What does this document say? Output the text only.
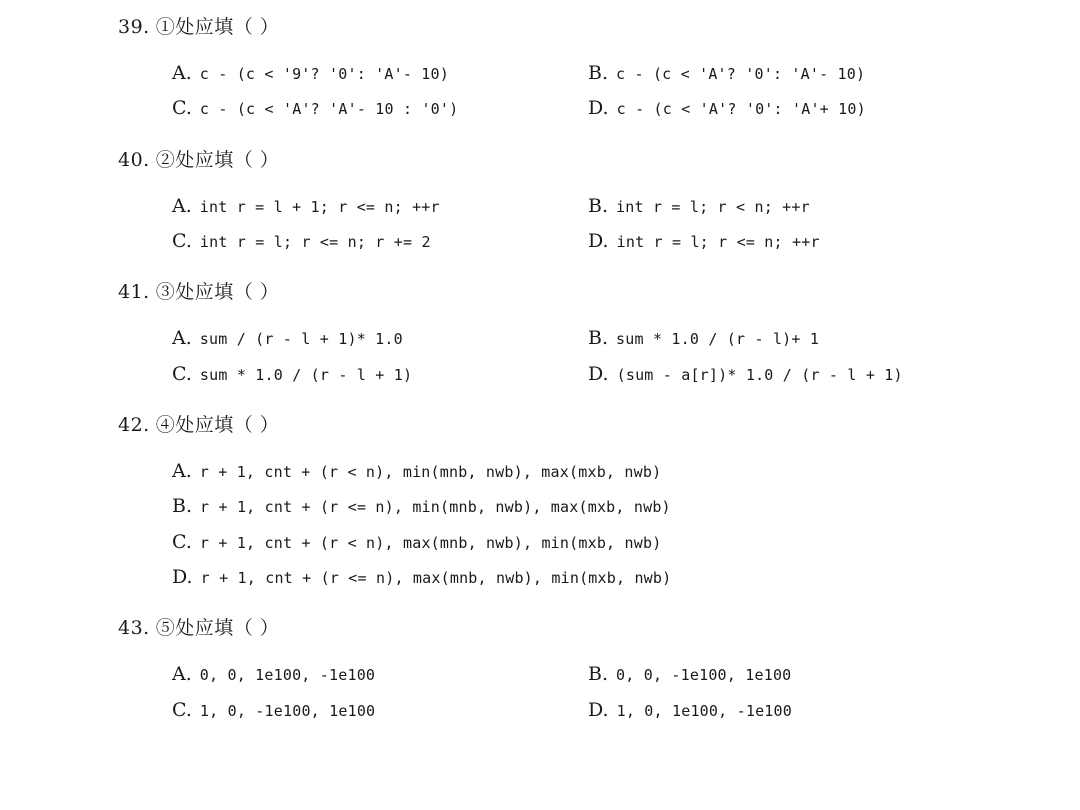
39. ①处应填（ ）
A. c - (c < '9'? '0': 'A'- 10)	B. c - (c < 'A'? '0': 'A'- 10)
C. c - (c < 'A'? 'A'- 10 : '0')	D. c - (c < 'A'? '0': 'A'+ 10)
40. ②处应填（ ）
A. int r = l + 1; r <= n; ++r	B. int r = l; r < n; ++r
C. int r = l; r <= n; r += 2	D. int r = l; r <= n; ++r
41. ③处应填（ ）
A. sum / (r - l + 1)* 1.0	B. sum * 1.0 / (r - l)+ 1
C. sum * 1.0 / (r - l + 1)	D. (sum - a[r])* 1.0 / (r - l + 1)
42. ④处应填（ ）
A. r + 1, cnt + (r < n), min(mnb, nwb), max(mxb, nwb)
B. r + 1, cnt + (r <= n), min(mnb, nwb), max(mxb, nwb)
C. r + 1, cnt + (r < n), max(mnb, nwb), min(mxb, nwb)
D. r + 1, cnt + (r <= n), max(mnb, nwb), min(mxb, nwb)
43. ⑤处应填（ ）
A. 0, 0, 1e100, -1e100	B. 0, 0, -1e100, 1e100
C. 1, 0, -1e100, 1e100	D. 1, 0, 1e100, -1e100
